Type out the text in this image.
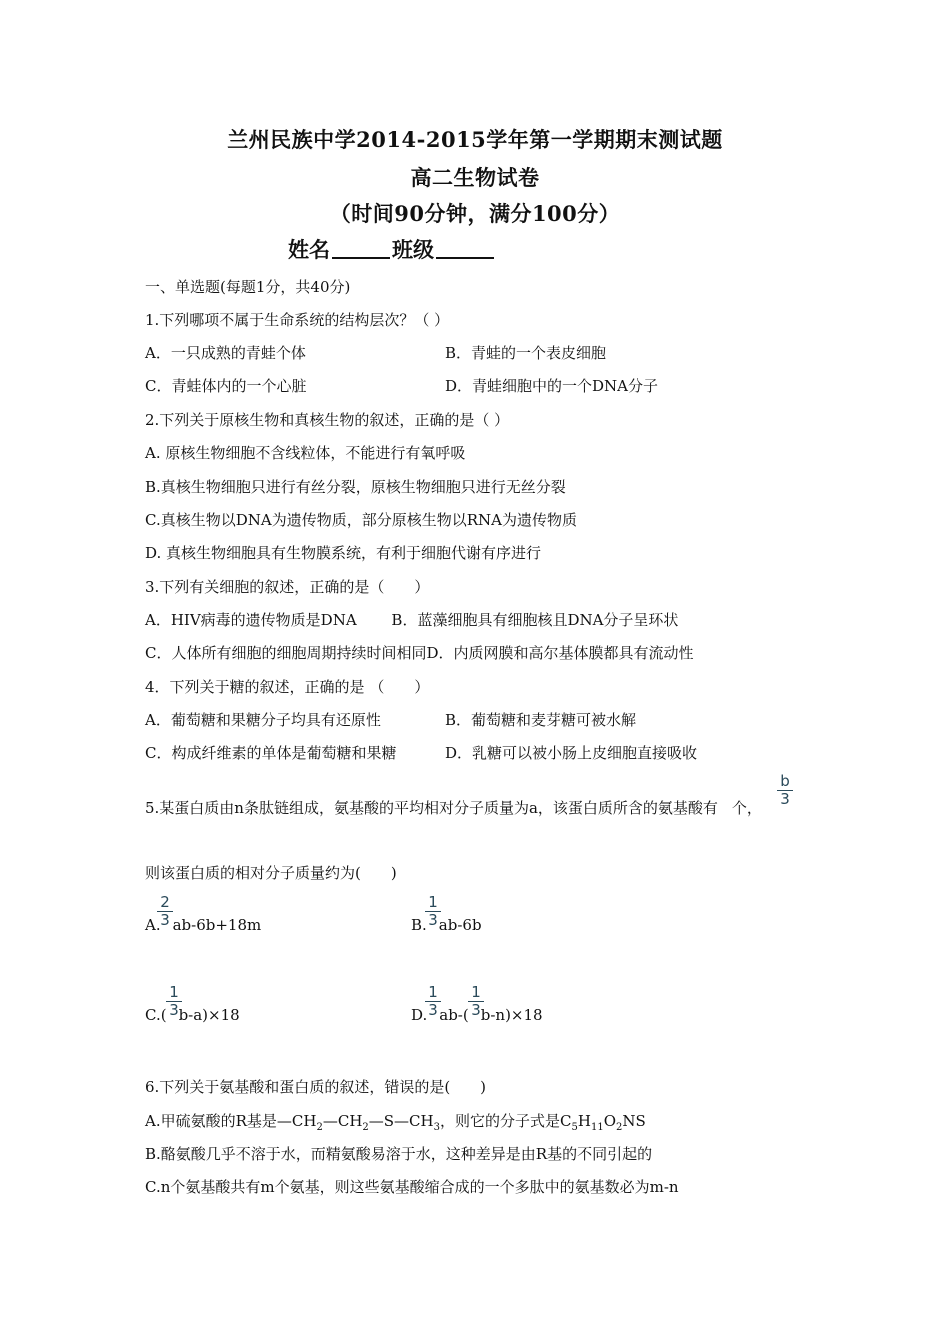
兰州民族中学2014-2015学年第一学期期末测试题
高二生物试卷
（时间90分钟，满分100分）
姓名	班级
一、单选题(每题1分，共40分)
1.下列哪项不属于生命系统的结构层次？（ ）
A．一只成熟的青蛙个体	B．青蛙的一个表皮细胞
C．青蛙体内的一个心脏	D．青蛙细胞中的一个DNA分子
2.下列关于原核生物和真核生物的叙述，正确的是（ ）
A. 原核生物细胞不含线粒体，不能进行有氧呼吸
B.真核生物细胞只进行有丝分裂，原核生物细胞只进行无丝分裂
C.真核生物以DNA为遗传物质，部分原核生物以RNA为遗传物质
D. 真核生物细胞具有生物膜系统，有利于细胞代谢有序进行
3.下列有关细胞的叙述，正确的是（　　）
A．HIV病毒的遗传物质是DNA　　 B．蓝藻细胞具有细胞核且DNA分子呈环状
C．人体所有细胞的细胞周期持续时间相同D．内质网膜和高尔基体膜都具有流动性
4．下列关于糖的叙述，正确的是 （　　）
A．葡萄糖和果糖分子均具有还原性	B．葡萄糖和麦芽糖可被水解
C．构成纤维素的单体是葡萄糖和果糖	D．乳糖可以被小肠上皮细胞直接吸收
5.某蛋白质由n条肽链组成，氨基酸的平均相对分子质量为a，该蛋白质所含的氨基酸有 个，
$\frac{b}{3}$
则该蛋白质的相对分子质量约为(　　)
A. ab-6b+18m
$\frac{2}{3}$	B. ab-6b
$\frac{1}{3}$
C.( b-a)×18
$\frac{1}{3}$	D. ab-( b-n)×18
$\frac{1}{3} \frac{1}{3}$
6.下列关于氨基酸和蛋白质的叙述，错误的是(　　)
A.甲硫氨酸的R基是$—CH_2—CH_2—S—CH_3$，则它的分子式是$C_5H_{11}O_2NS$
B.酪氨酸几乎不溶于水，而精氨酸易溶于水，这种差异是由R基的不同引起的
C.n个氨基酸共有m个氨基，则这些氨基酸缩合成的一个多肽中的氨基数必为m-n
